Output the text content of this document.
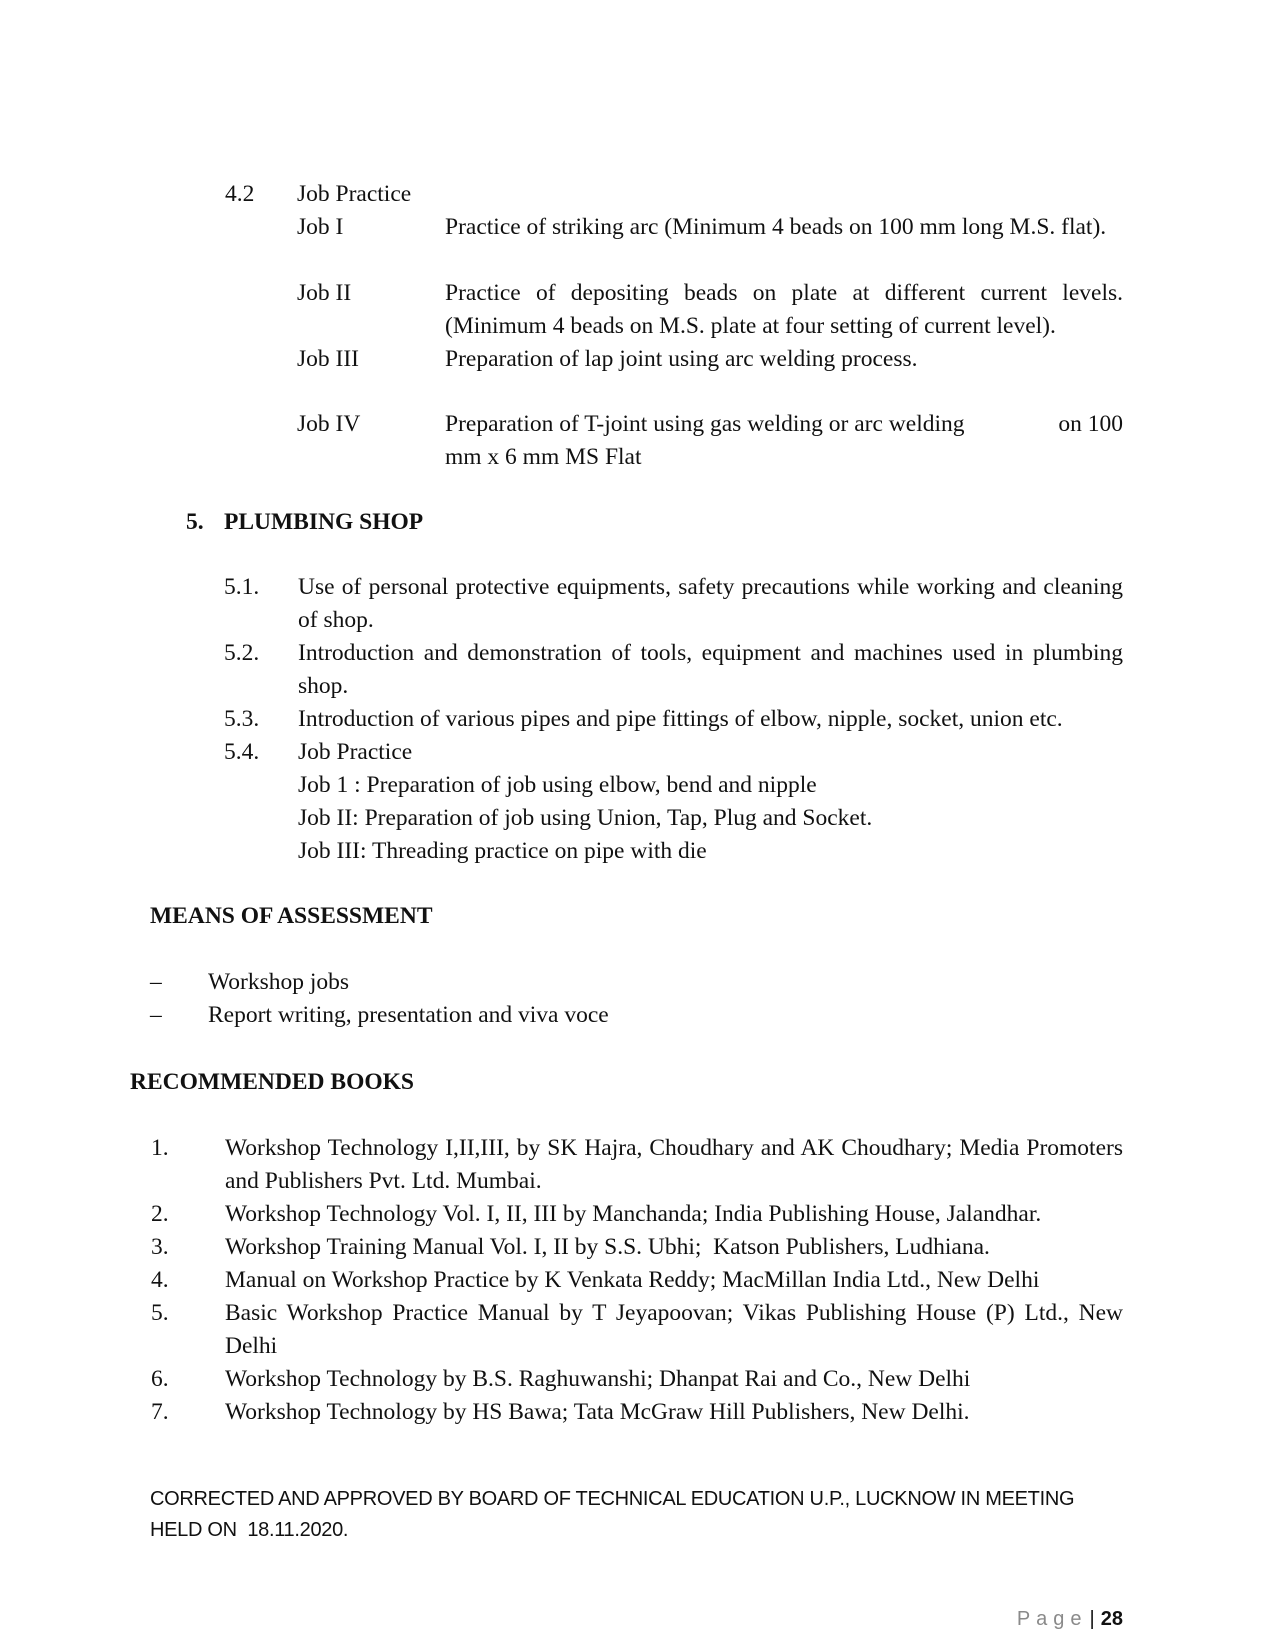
4.2	Job Practice
Job I	Practice of striking arc (Minimum 4 beads on 100 mm long M.S. flat).
Job II	Practice of depositing beads on plate at different current levels. (Minimum 4 beads on M.S. plate at four setting of current level).
Job III	Preparation of lap joint using arc welding process.
Job IV	Preparation of T-joint using gas welding or arc welding	on 100
mm x 6 mm MS Flat
5. PLUMBING SHOP
5.1.	Use of personal protective equipments, safety precautions while working and cleaning of shop.
5.2.	Introduction and demonstration of tools, equipment and machines used in plumbing shop.
5.3.	Introduction of various pipes and pipe fittings of elbow, nipple, socket, union etc.
5.4.	Job Practice
Job 1 : Preparation of job using elbow, bend and nipple
Job II: Preparation of job using Union, Tap, Plug and Socket.
Job III: Threading practice on pipe with die
MEANS OF ASSESSMENT
–	Workshop jobs
–	Report writing, presentation and viva voce
RECOMMENDED BOOKS
1.	Workshop Technology I,II,III, by SK Hajra, Choudhary and AK Choudhary; Media Promoters and Publishers Pvt. Ltd. Mumbai.
2.	Workshop Technology Vol. I, II, III by Manchanda; India Publishing House, Jalandhar.
3.	Workshop Training Manual Vol. I, II by S.S. Ubhi;  Katson Publishers, Ludhiana.
4.	Manual on Workshop Practice by K Venkata Reddy; MacMillan India Ltd., New Delhi
5.	Basic Workshop Practice Manual by T Jeyapoovan; Vikas Publishing House (P) Ltd., New Delhi
6.	Workshop Technology by B.S. Raghuwanshi; Dhanpat Rai and Co., New Delhi
7.	Workshop Technology by HS Bawa; Tata McGraw Hill Publishers, New Delhi.
CORRECTED AND APPROVED BY BOARD OF TECHNICAL EDUCATION U.P., LUCKNOW IN MEETING
HELD ON  18.11.2020.
Page | 28
